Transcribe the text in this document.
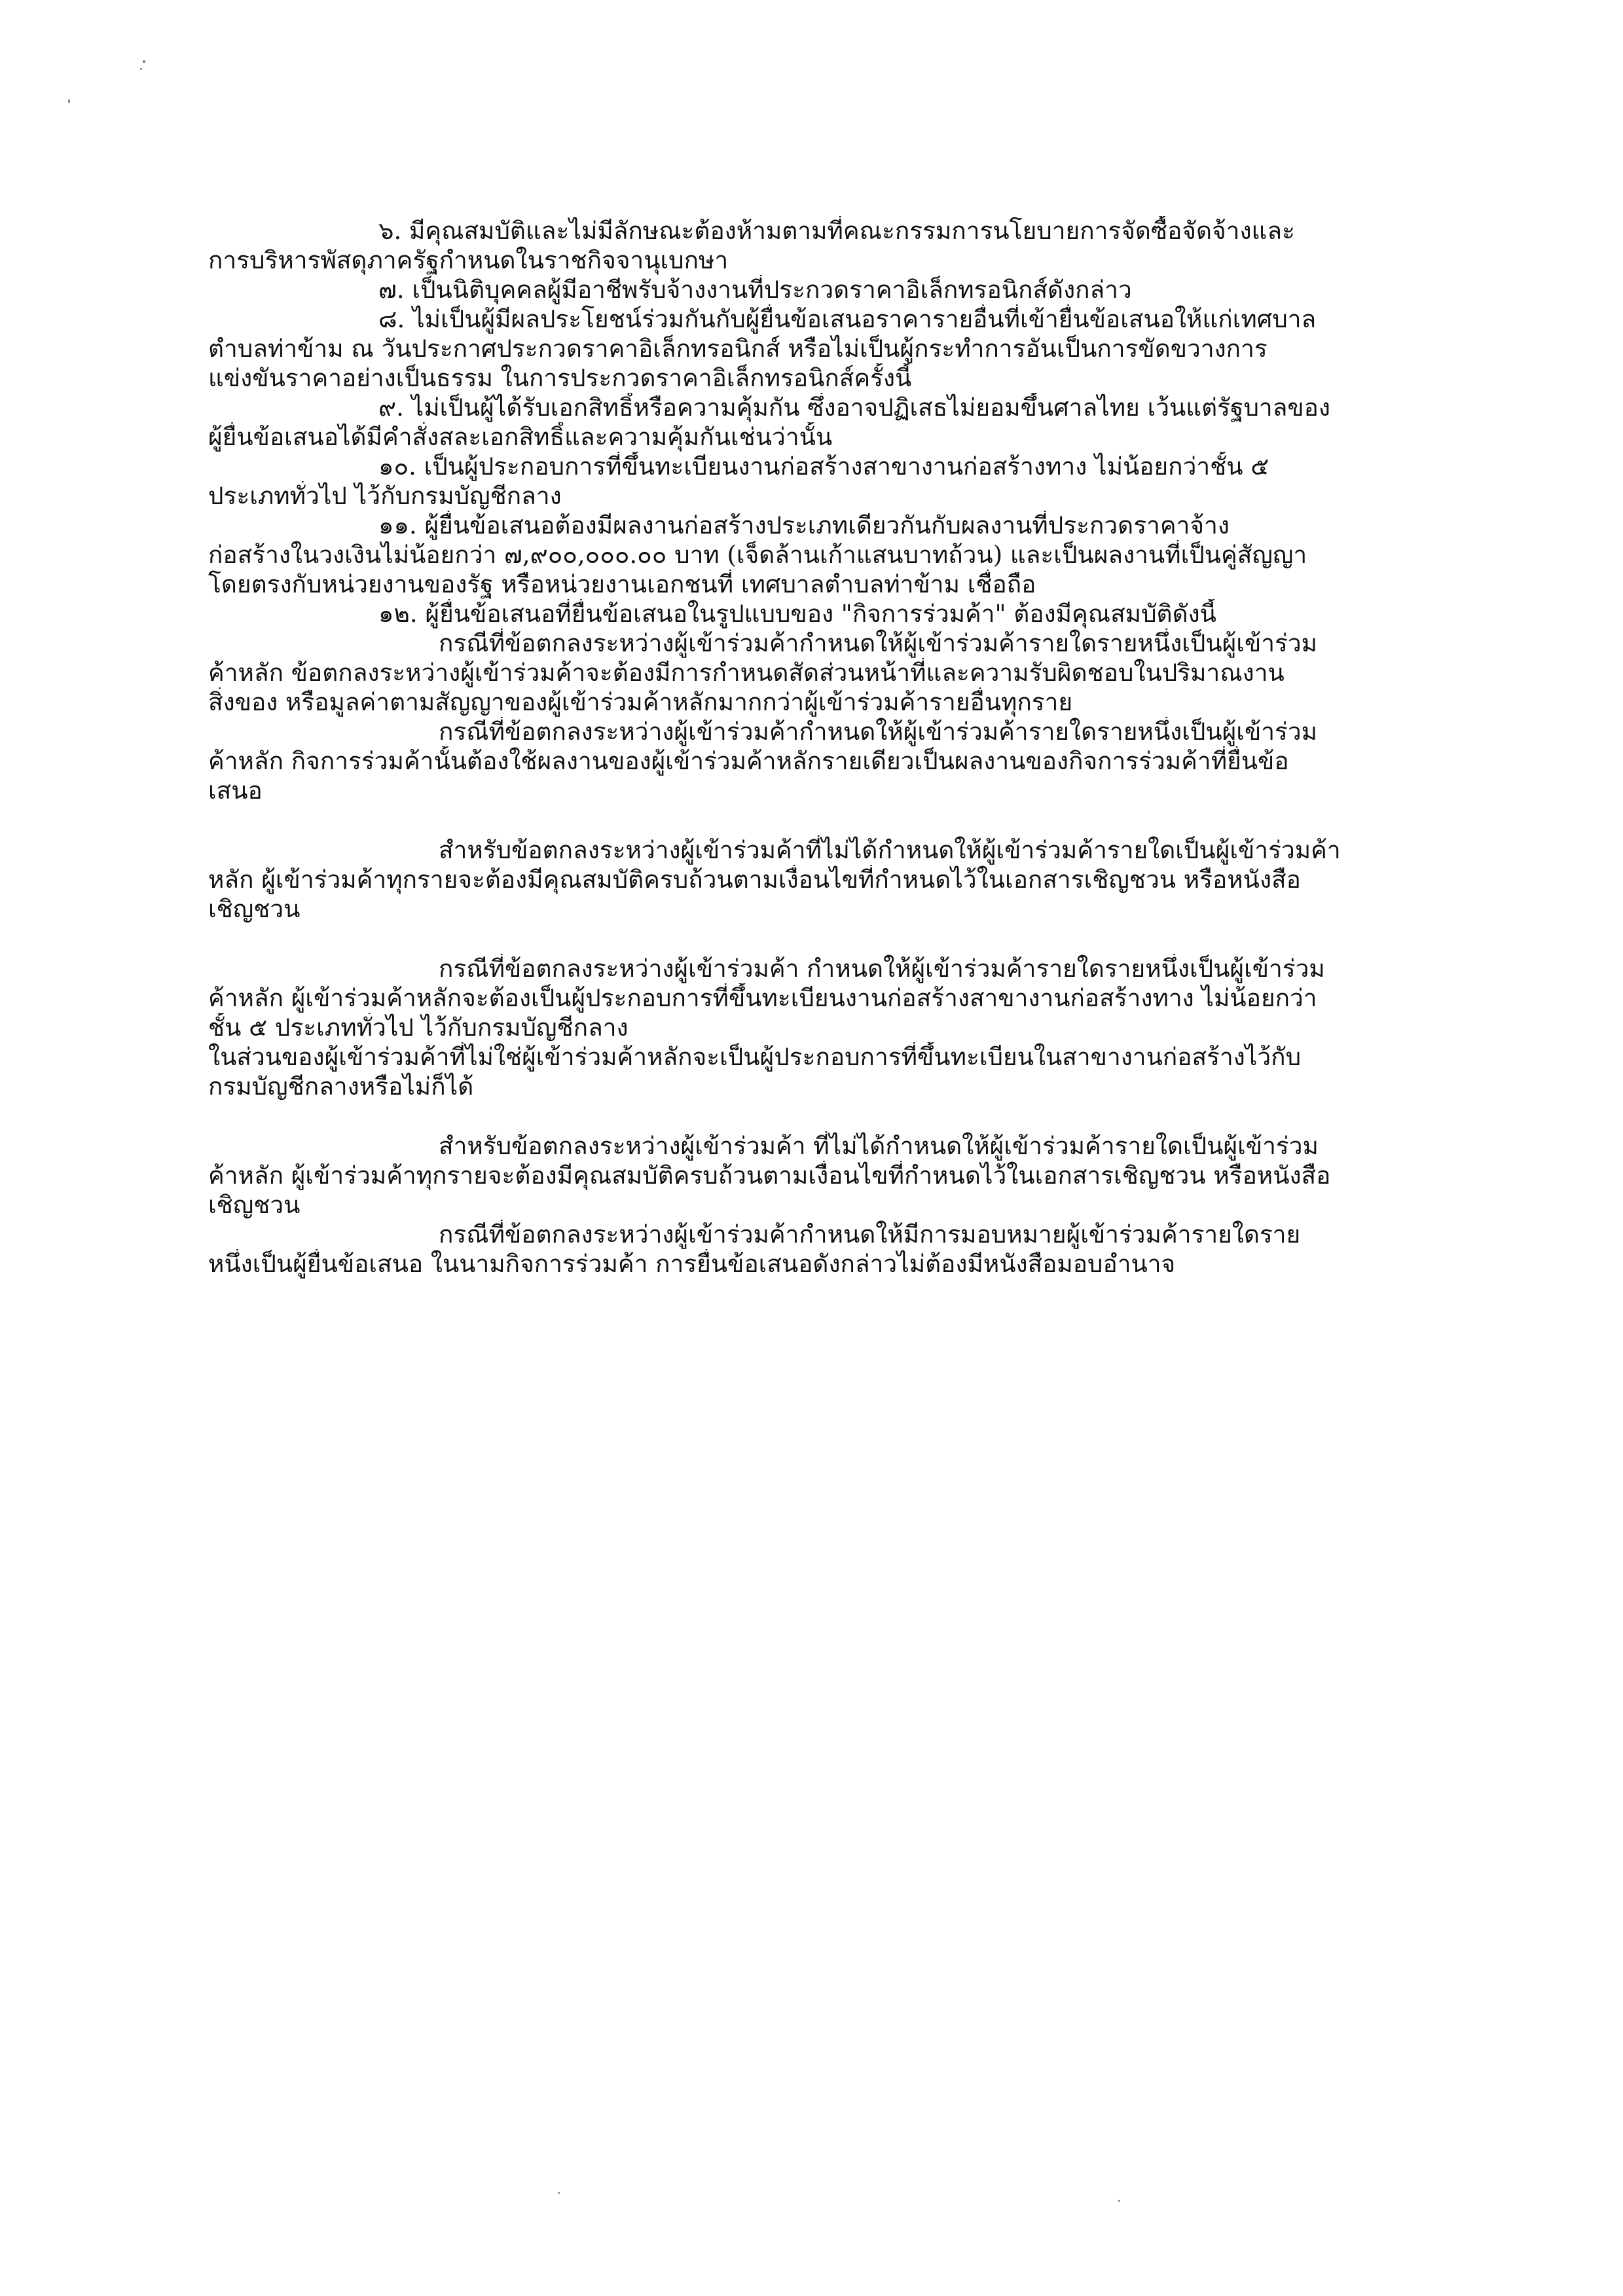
๖. มีคุณสมบัติและไม่มีลักษณะต้องห้ามตามที่คณะกรรมการนโยบายการจัดซื้อจัดจ้างและ
การบริหารพัสดุภาครัฐกำหนดในราชกิจจานุเบกษา
๗. เป็นนิติบุคคลผู้มีอาชีพรับจ้างงานที่ประกวดราคาอิเล็กทรอนิกส์ดังกล่าว
๘. ไม่เป็นผู้มีผลประโยชน์ร่วมกันกับผู้ยื่นข้อเสนอราคารายอื่นที่เข้ายื่นข้อเสนอให้แก่เทศบาล
ตำบลท่าข้าม ณ วันประกาศประกวดราคาอิเล็กทรอนิกส์ หรือไม่เป็นผู้กระทำการอันเป็นการขัดขวางการ
แข่งขันราคาอย่างเป็นธรรม ในการประกวดราคาอิเล็กทรอนิกส์ครั้งนี้
๙. ไม่เป็นผู้ได้รับเอกสิทธิ์หรือความคุ้มกัน ซึ่งอาจปฏิเสธไม่ยอมขึ้นศาลไทย เว้นแต่รัฐบาลของ
ผู้ยื่นข้อเสนอได้มีคำสั่งสละเอกสิทธิ์และความคุ้มกันเช่นว่านั้น
๑๐. เป็นผู้ประกอบการที่ขึ้นทะเบียนงานก่อสร้างสาขางานก่อสร้างทาง ไม่น้อยกว่าชั้น ๕
ประเภททั่วไป ไว้กับกรมบัญชีกลาง
๑๑. ผู้ยื่นข้อเสนอต้องมีผลงานก่อสร้างประเภทเดียวกันกับผลงานที่ประกวดราคาจ้าง
ก่อสร้างในวงเงินไม่น้อยกว่า ๗,๙๐๐,๐๐๐.๐๐ บาท (เจ็ดล้านเก้าแสนบาทถ้วน) และเป็นผลงานที่เป็นคู่สัญญา
โดยตรงกับหน่วยงานของรัฐ หรือหน่วยงานเอกชนที่ เทศบาลตำบลท่าข้าม เชื่อถือ
๑๒. ผู้ยื่นข้อเสนอที่ยื่นข้อเสนอในรูปแบบของ "กิจการร่วมค้า" ต้องมีคุณสมบัติดังนี้
กรณีที่ข้อตกลงระหว่างผู้เข้าร่วมค้ากำหนดให้ผู้เข้าร่วมค้ารายใดรายหนึ่งเป็นผู้เข้าร่วม
ค้าหลัก ข้อตกลงระหว่างผู้เข้าร่วมค้าจะต้องมีการกำหนดสัดส่วนหน้าที่และความรับผิดชอบในปริมาณงาน
สิ่งของ หรือมูลค่าตามสัญญาของผู้เข้าร่วมค้าหลักมากกว่าผู้เข้าร่วมค้ารายอื่นทุกราย
กรณีที่ข้อตกลงระหว่างผู้เข้าร่วมค้ากำหนดให้ผู้เข้าร่วมค้ารายใดรายหนึ่งเป็นผู้เข้าร่วม
ค้าหลัก กิจการร่วมค้านั้นต้องใช้ผลงานของผู้เข้าร่วมค้าหลักรายเดียวเป็นผลงานของกิจการร่วมค้าที่ยื่นข้อ
เสนอ
สำหรับข้อตกลงระหว่างผู้เข้าร่วมค้าที่ไม่ได้กำหนดให้ผู้เข้าร่วมค้ารายใดเป็นผู้เข้าร่วมค้า
หลัก ผู้เข้าร่วมค้าทุกรายจะต้องมีคุณสมบัติครบถ้วนตามเงื่อนไขที่กำหนดไว้ในเอกสารเชิญชวน หรือหนังสือ
เชิญชวน
กรณีที่ข้อตกลงระหว่างผู้เข้าร่วมค้า กำหนดให้ผู้เข้าร่วมค้ารายใดรายหนึ่งเป็นผู้เข้าร่วม
ค้าหลัก ผู้เข้าร่วมค้าหลักจะต้องเป็นผู้ประกอบการที่ขึ้นทะเบียนงานก่อสร้างสาขางานก่อสร้างทาง ไม่น้อยกว่า
ชั้น ๕ ประเภททั่วไป ไว้กับกรมบัญชีกลาง
ในส่วนของผู้เข้าร่วมค้าที่ไม่ใช่ผู้เข้าร่วมค้าหลักจะเป็นผู้ประกอบการที่ขึ้นทะเบียนในสาขางานก่อสร้างไว้กับ
กรมบัญชีกลางหรือไม่ก็ได้
สำหรับข้อตกลงระหว่างผู้เข้าร่วมค้า ที่ไม่ได้กำหนดให้ผู้เข้าร่วมค้ารายใดเป็นผู้เข้าร่วม
ค้าหลัก ผู้เข้าร่วมค้าทุกรายจะต้องมีคุณสมบัติครบถ้วนตามเงื่อนไขที่กำหนดไว้ในเอกสารเชิญชวน หรือหนังสือ
เชิญชวน
กรณีที่ข้อตกลงระหว่างผู้เข้าร่วมค้ากำหนดให้มีการมอบหมายผู้เข้าร่วมค้ารายใดราย
หนึ่งเป็นผู้ยื่นข้อเสนอ ในนามกิจการร่วมค้า การยื่นข้อเสนอดังกล่าวไม่ต้องมีหนังสือมอบอำนาจ
